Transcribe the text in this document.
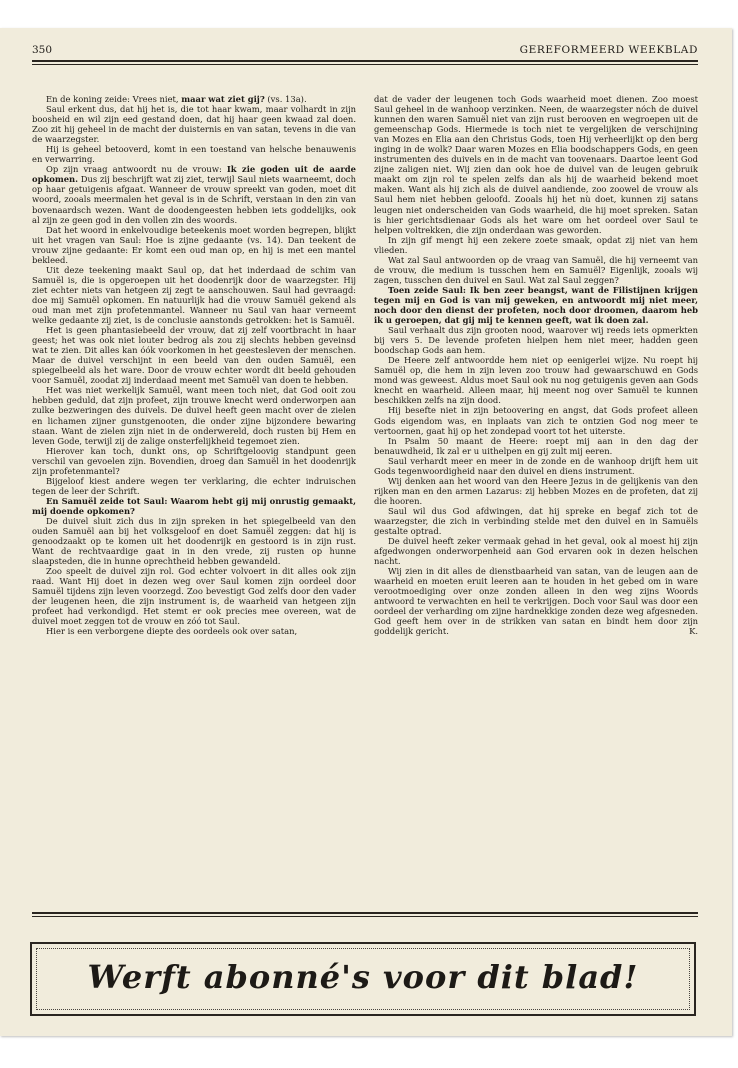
350	GEREFORMEERD WEEKBLAD

En de koning zeide: Vrees niet, maar wat ziet gij? (vs. 13a).

Saul erkent dus, dat hij het is, die tot haar kwam, maar volhardt in zijn boosheid en wil zijn eed gestand doen, dat hij haar geen kwaad zal doen. Zoo zit hij geheel in de macht der duisternis en van satan, tevens in die van de waarzegster.

Hij is geheel betooverd, komt in een toestand van helsche benauwenis en verwarring.

Op zijn vraag antwoordt nu de vrouw: Ik zie goden uit de aarde opkomen. Dus zij beschrijft wat zij ziet, terwijl Saul niets waarneemt, doch op haar getuigenis afgaat. Wanneer de vrouw spreekt van goden, moet dit woord, zooals meermalen het geval is in de Schrift, verstaan in den zin van bovenaardsch wezen. Want de doodengeesten hebben iets goddelijks, ook al zijn ze geen god in den vollen zin des woords.

Dat het woord in enkelvoudige beteekenis moet worden begrepen, blijkt uit het vragen van Saul: Hoe is zijne gedaante (vs. 14). Dan teekent de vrouw zijne gedaante: Er komt een oud man op, en hij is met een mantel bekleed.

Uit deze teekening maakt Saul op, dat het inderdaad de schim van Samuël is, die is opgeroepen uit het doodenrijk door de waarzegster. Hij ziet echter niets van hetgeen zij zegt te aanschouwen. Saul had gevraagd: doe mij Samuël opkomen. En natuurlijk had die vrouw Samuël gekend als oud man met zijn profetenmantel. Wanneer nu Saul van haar verneemt welke gedaante zij ziet, is de conclusie aanstonds getrokken: het is Samuël.

Het is geen phantasiebeeld der vrouw, dat zij zelf voortbracht in haar geest; het was ook niet louter bedrog als zou zij slechts hebben geveinsd wat te zien. Dit alles kan óók voorkomen in het geestesleven der menschen. Maar de duivel verschijnt in een beeld van den ouden Samuël, een spiegelbeeld als het ware. Door de vrouw echter wordt dit beeld gehouden voor Samuël, zoodat zij inderdaad meent met Samuël van doen te hebben.

Het was niet werkelijk Samuël, want meen toch niet, dat God ooit zou hebben geduld, dat zijn profeet, zijn trouwe knecht werd onderworpen aan zulke bezweringen des duivels. De duivel heeft geen macht over de zielen en lichamen zijner gunstgenooten, die onder zijne bijzondere bewaring staan. Want de zielen zijn niet in de onderwereld, doch rusten bij Hem en leven Gode, terwijl zij de zalige onsterfelijkheid tegemoet zien.

Hierover kan toch, dunkt ons, op Schriftgeloovig standpunt geen verschil van gevoelen zijn. Bovendien, droeg dan Samuël in het doodenrijk zijn profetenmantel?

Bijgeloof kiest andere wegen ter verklaring, die echter indruischen tegen de leer der Schrift.

En Samuël zeide tot Saul: Waarom hebt gij mij onrustig gemaakt, mij doende opkomen?

De duivel sluit zich dus in zijn spreken in het spiegelbeeld van den ouden Samuël aan bij het volksgeloof en doet Samuël zeggen: dat hij is genoodzaakt op te komen uit het doodenrijk en gestoord is in zijn rust. Want de rechtvaardige gaat in in den vrede, zij rusten op hunne slaapsteden, die in hunne oprechtheid hebben gewandeld.

Zoo speelt de duivel zijn rol. God echter volvoert in dit alles ook zijn raad. Want Hij doet in dezen weg over Saul komen zijn oordeel door Samuël tijdens zijn leven voorzegd. Zoo bevestigt God zelfs door den vader der leugenen heen, die zijn instrument is, de waarheid van hetgeen zijn profeet had verkondigd. Het stemt er ook precies mee overeen, wat de duivel moet zeggen tot de vrouw en zóó tot Saul.

Hier is een verborgene diepte des oordeels ook over satan,

dat de vader der leugenen toch Gods waarheid moet dienen. Zoo moest Saul geheel in de wanhoop verzinken. Neen, de waarzegster nóch de duivel kunnen den waren Samuël niet van zijn rust berooven en wegroepen uit de gemeenschap Gods. Hiermede is toch niet te vergelijken de verschijning van Mozes en Elia aan den Christus Gods, toen Hij verheerlijkt op den berg inging in de wolk? Daar waren Mozes en Elia boodschappers Gods, en geen instrumenten des duivels en in de macht van toovenaars. Daartoe leent God zijne zaligen niet. Wij zien dan ook hoe de duivel van de leugen gebruik maakt om zijn rol te spelen zelfs dan als hij de waarheid bekend moet maken. Want als hij zich als de duivel aandiende, zoo zoowel de vrouw als Saul hem niet hebben geloofd. Zooals hij het nù doet, kunnen zij satans leugen niet onderscheiden van Gods waarheid, die hij moet spreken. Satan is hier gerichtsdienaar Gods als het ware om het oordeel over Saul te helpen voltrekken, die zijn onderdaan was geworden.

In zijn gif mengt hij een zekere zoete smaak, opdat zij niet van hem vlieden.

Wat zal Saul antwoorden op de vraag van Samuël, die hij verneemt van de vrouw, die medium is tusschen hem en Samuël? Eigenlijk, zooals wij zagen, tusschen den duivel en Saul. Wat zal Saul zeggen?

Toen zeide Saul: Ik ben zeer beangst, want de Filistijnen krijgen tegen mij en God is van mij geweken, en antwoordt mij niet meer, noch door den dienst der profeten, noch door droomen, daarom heb ik u geroepen, dat gij mij te kennen geeft, wat ik doen zal.

Saul verhaalt dus zijn grooten nood, waarover wij reeds iets opmerkten bij vers 5. De levende profeten hielpen hem niet meer, hadden geen boodschap Gods aan hem.

De Heere zelf antwoordde hem niet op eenigerlei wijze. Nu roept hij Samuël op, die hem in zijn leven zoo trouw had gewaarschuwd en Gods mond was geweest. Aldus moet Saul ook nu nog getuigenis geven aan Gods knecht en waarheid. Alleen maar, hij meent nog over Samuël te kunnen beschikken zelfs na zijn dood.

Hij besefte niet in zijn betoovering en angst, dat Gods profeet alleen Gods eigendom was, en inplaats van zich te ontzien God nog meer te vertoornen, gaat hij op het zondepad voort tot het uiterste.

In Psalm 50 maant de Heere: roept mij aan in den dag der benauwdheid, Ik zal er u uithelpen en gij zult mij eeren.

Saul verhardt meer en meer in de zonde en de wanhoop drijft hem uit Gods tegenwoordigheid naar den duivel en diens instrument.

Wij denken aan het woord van den Heere Jezus in de gelijkenis van den rijken man en den armen Lazarus: zij hebben Mozes en de profeten, dat zij die hooren.

Saul wil dus God afdwingen, dat hij spreke en begaf zich tot de waarzegster, die zich in verbinding stelde met den duivel en in Samuëls gestalte optrad.

De duivel heeft zeker vermaak gehad in het geval, ook al moest hij zijn afgedwongen onderworpenheid aan God ervaren ook in dezen helschen nacht.

Wij zien in dit alles de dienstbaarheid van satan, van de leugen aan de waarheid en moeten eruit leeren aan te houden in het gebed om in ware verootmoediging over onze zonden alleen in den weg zijns Woords antwoord te verwachten en heil te verkrijgen. Doch voor Saul was door een oordeel der verharding om zijne hardnekkige zonden deze weg afgesneden. God geeft hem over in de strikken van satan en bindt hem door zijn goddelijk gericht.	K.

Werft abonné's voor dit blad!
